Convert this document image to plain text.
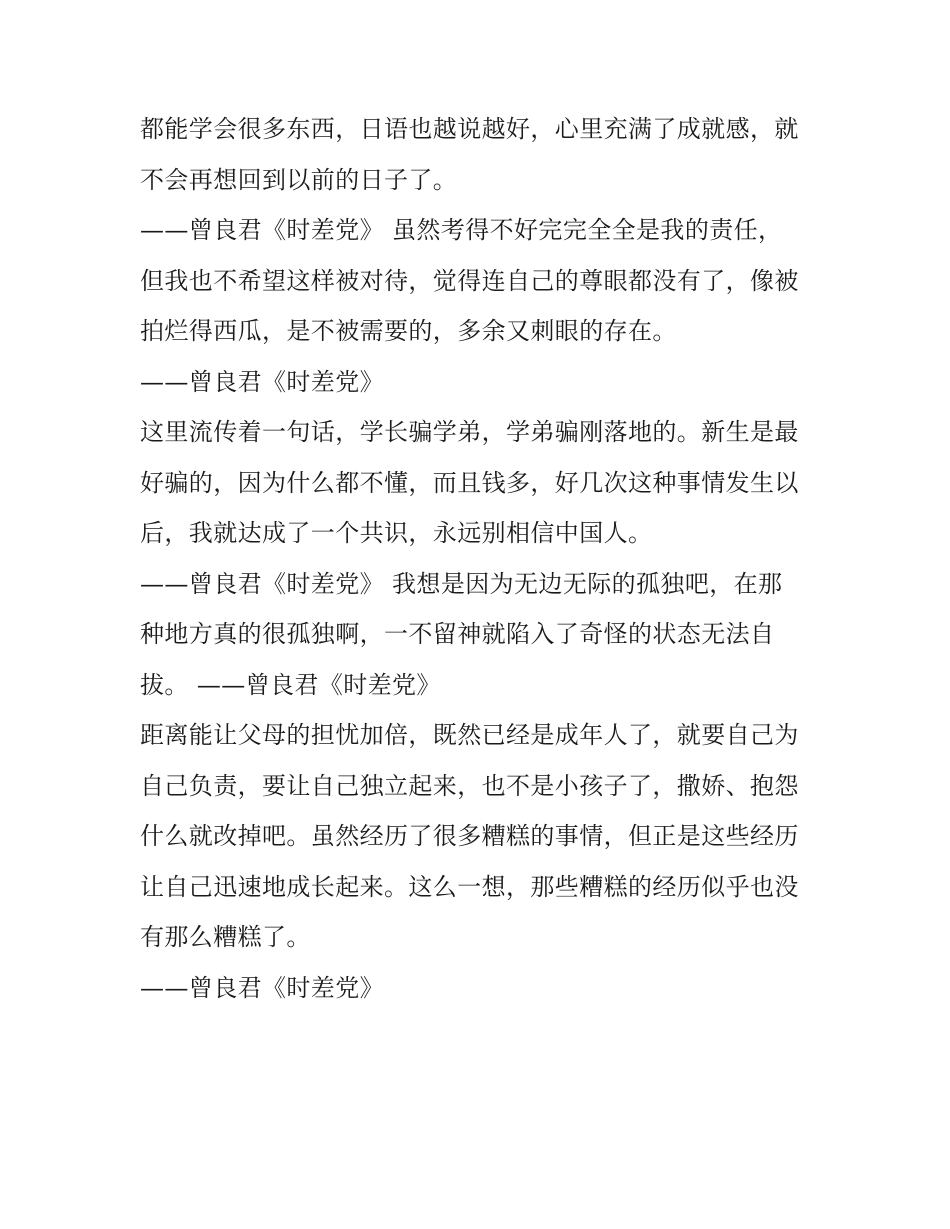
都能学会很多东西，日语也越说越好，心里充满了成就感，就
不会再想回到以前的日子了。
——曾良君《时差党》 虽然考得不好完完全全是我的责任，
但我也不希望这样被对待，觉得连自己的尊眼都没有了，像被
拍烂得西瓜，是不被需要的，多余又刺眼的存在。
——曾良君《时差党》
这里流传着一句话，学长骗学弟，学弟骗刚落地的。新生是最
好骗的，因为什么都不懂，而且钱多，好几次这种事情发生以
后，我就达成了一个共识，永远别相信中国人。
——曾良君《时差党》 我想是因为无边无际的孤独吧，在那
种地方真的很孤独啊，一不留神就陷入了奇怪的状态无法自
拔。 ——曾良君《时差党》
距离能让父母的担忧加倍，既然已经是成年人了，就要自己为
自己负责，要让自己独立起来，也不是小孩子了，撒娇、抱怨
什么就改掉吧。虽然经历了很多糟糕的事情，但正是这些经历
让自己迅速地成长起来。这么一想，那些糟糕的经历似乎也没
有那么糟糕了。
——曾良君《时差党》
